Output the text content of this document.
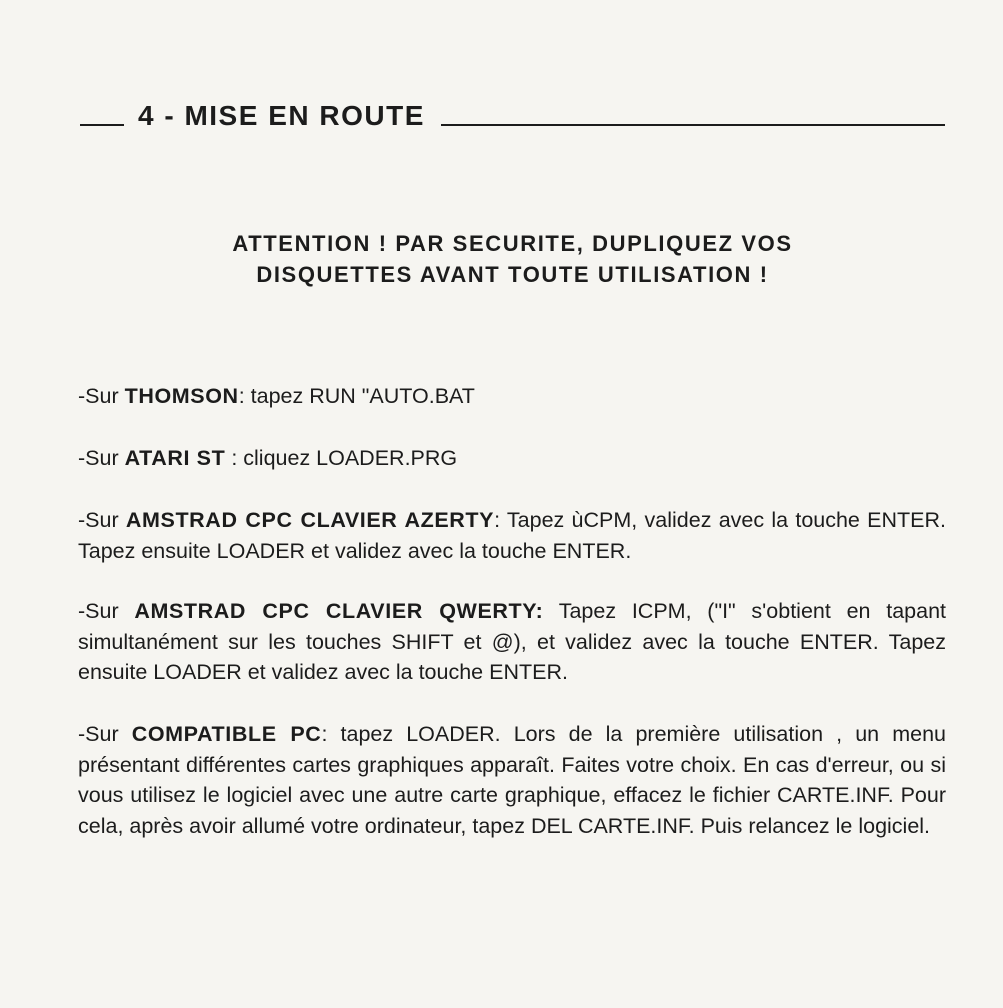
4 - MISE EN ROUTE
ATTENTION ! PAR SECURITE, DUPLIQUEZ VOS
DISQUETTES AVANT TOUTE UTILISATION !
-Sur THOMSON: tapez RUN "AUTO.BAT
-Sur ATARI ST : cliquez LOADER.PRG
-Sur AMSTRAD CPC CLAVIER AZERTY: Tapez ùCPM, validez avec la touche ENTER. Tapez ensuite LOADER et validez avec la touche ENTER.
-Sur AMSTRAD CPC CLAVIER QWERTY: Tapez ICPM, ("I" s'obtient en tapant simultanément sur les touches SHIFT et @), et validez avec la touche ENTER. Tapez ensuite LOADER et validez avec la touche ENTER.
-Sur COMPATIBLE PC: tapez LOADER. Lors de la première utilisation , un menu présentant différentes cartes graphiques apparaît. Faites votre choix. En cas d'erreur, ou si vous utilisez le logiciel avec une autre carte graphique, effacez le fichier CARTE.INF. Pour cela, après avoir allumé votre ordinateur, tapez DEL CARTE.INF. Puis relancez le logiciel.
